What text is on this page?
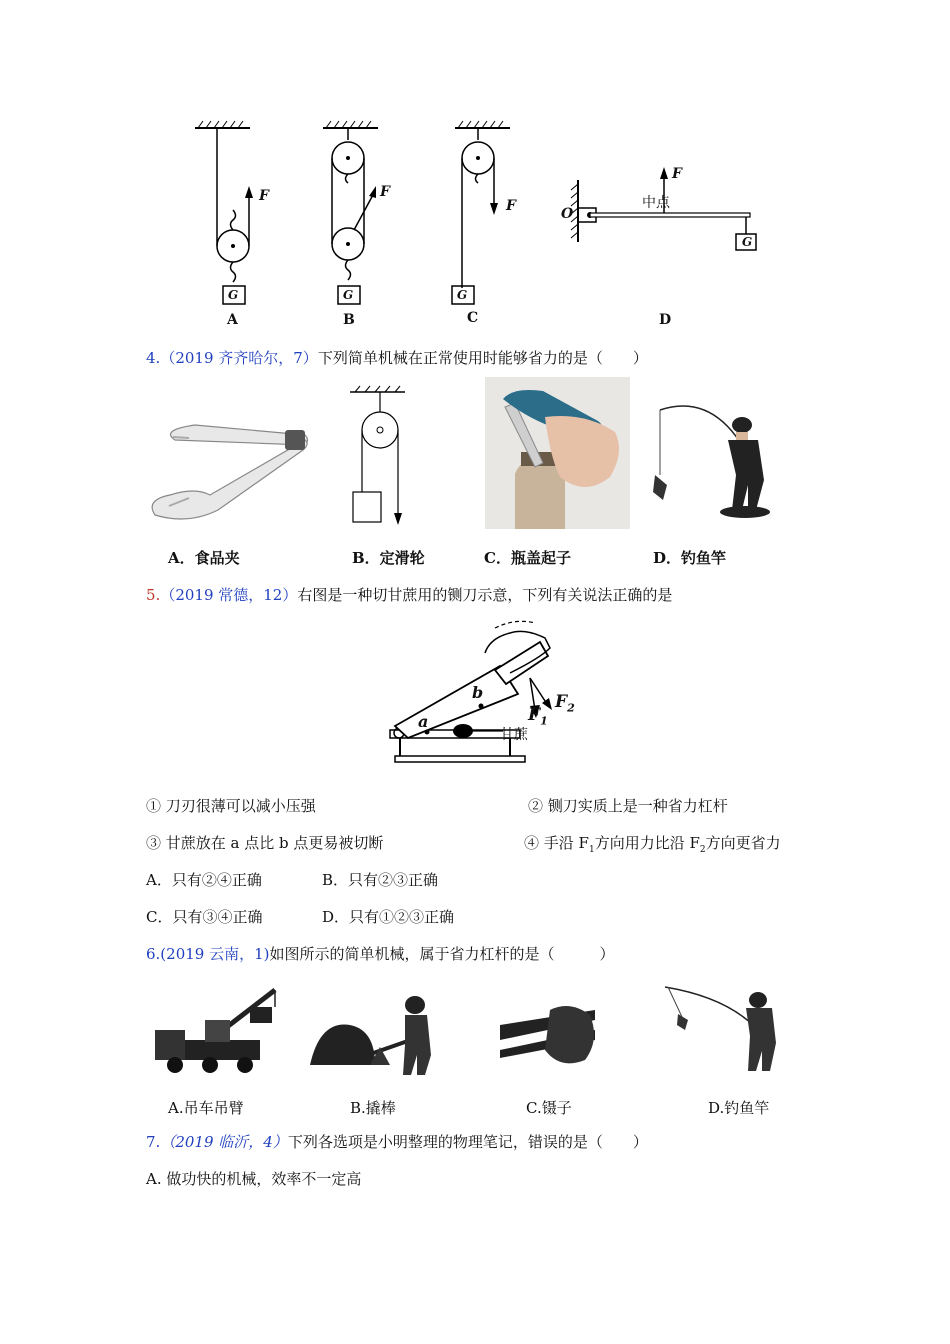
F
G
A
F
G
B
F
G
C
F
O
中点
G
D
4.（2019 齐齐哈尔，7）下列简单机械在正常使用时能够省力的是（　　）
A．食品夹	B．定滑轮	C．瓶盖起子	D．钓鱼竿
5.（2019 常德，12）右图是一种切甘蔗用的铡刀示意，下列有关说法正确的是
a
b
$F_1$
$F_2$
甘蔗
① 刀刃很薄可以减小压强	② 铡刀实质上是一种省力杠杆
③ 甘蔗放在 a 点比 b 点更易被切断	④ 手沿 $F_1$方向用力比沿 $F_2$方向更省力
A．只有②④正确	B．只有②③正确
C．只有③④正确	D．只有①②③正确
6.(2019 云南，1)如图所示的简单机械，属于省力杠杆的是（　　　）
A.吊车吊臂	B.撬棒	C.镊子	D.钓鱼竿
7.（2019 临沂，4）下列各选项是小明整理的物理笔记，错误的是（　　）
A. 做功快的机械，效率不一定高
